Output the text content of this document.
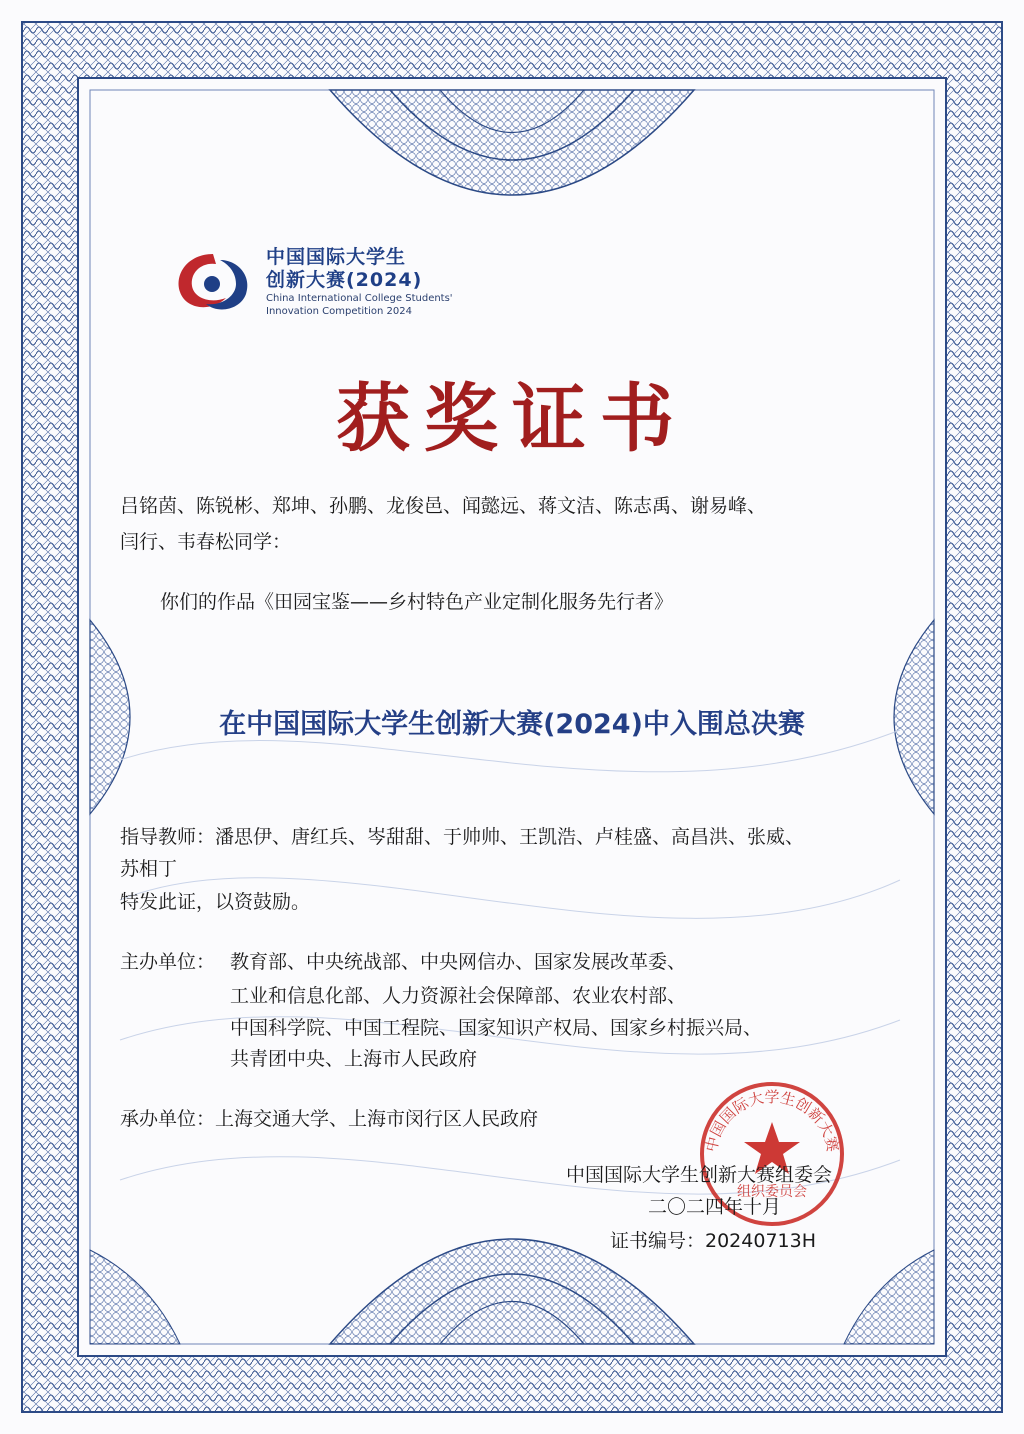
中国国际大学生
创新大赛(2024)
China International College Students'
Innovation Competition 2024
获奖证书
吕铭茵、陈锐彬、郑坤、孙鹏、龙俊邑、闻懿远、蒋文洁、陈志禹、谢易峰、
闫行、韦春松同学：
你们的作品《田园宝鉴——乡村特色产业定制化服务先行者》
在中国国际大学生创新大赛(2024)中入围总决赛
指导教师：潘思伊、唐红兵、岑甜甜、于帅帅、王凯浩、卢桂盛、高昌洪、张威、
苏相丁
特发此证，以资鼓励。
主办单位： 教育部、中央统战部、中央网信办、国家发展改革委、
工业和信息化部、人力资源社会保障部、农业农村部、
中国科学院、中国工程院、国家知识产权局、国家乡村振兴局、
共青团中央、上海市人民政府
承办单位：上海交通大学、上海市闵行区人民政府
中国国际大学生创新大赛
组织委员会
中国国际大学生创新大赛组委会
二〇二四年十月
证书编号：20240713H
